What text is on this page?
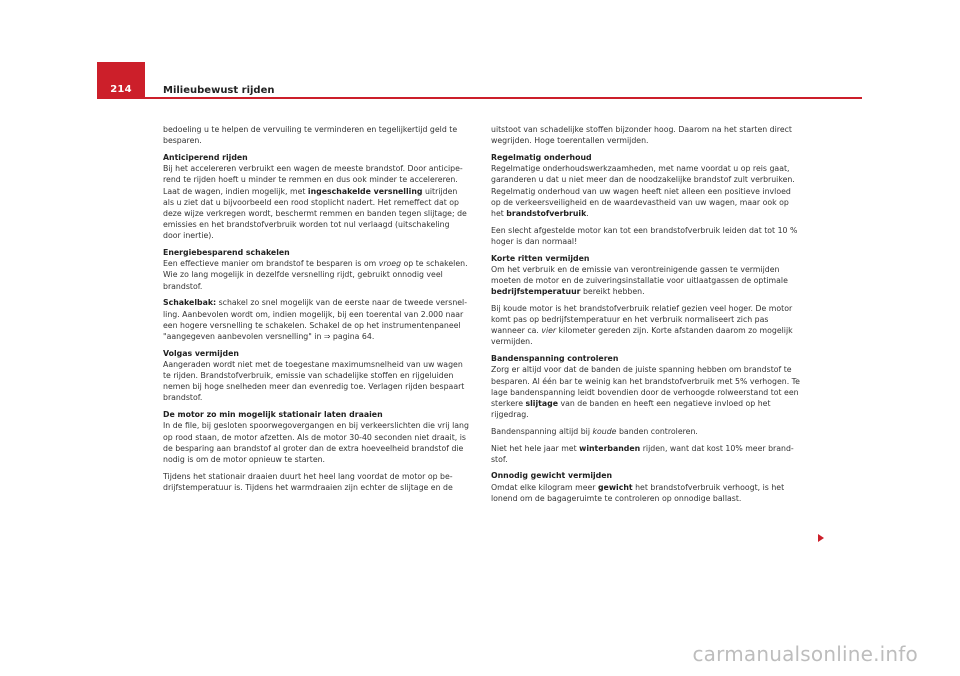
214	Milieubewust rijden

bedoeling u te helpen de vervuiling te verminderen en tegelijkertijd geld te besparen.

Anticiperend rijden

Bij het accelereren verbruikt een wagen de meeste brandstof. Door anticiperend te rijden hoeft u minder te remmen en dus ook minder te accelereren. Laat de wagen, indien mogelijk, met ingeschakelde versnelling uitrijden als u ziet dat u bijvoorbeeld een rood stoplicht nadert. Het remeffect dat op deze wijze verkregen wordt, beschermt remmen en banden tegen slijtage; de emissies en het brandstofverbruik worden tot nul verlaagd (uitschakeling door inertie).

Energiebesparend schakelen

Een effectieve manier om brandstof te besparen is om vroeg op te schakelen. Wie zo lang mogelijk in dezelfde versnelling rijdt, gebruikt onnodig veel brandstof.

Schakelbak: schakel zo snel mogelijk van de eerste naar de tweede versnelling. Aanbevolen wordt om, indien mogelijk, bij een toerental van 2.000 naar een hogere versnelling te schakelen. Schakel de op het instrumentenpaneel "aangegeven aanbevolen versnelling" in ⇒ pagina 64.

Volgas vermijden

Aangeraden wordt niet met de toegestane maximumsnelheid van uw wagen te rijden. Brandstofverbruik, emissie van schadelijke stoffen en rijgeluiden nemen bij hoge snelheden meer dan evenredig toe. Verlagen rijden bespaart brandstof.

De motor zo min mogelijk stationair laten draaien

In de file, bij gesloten spoorwegovergangen en bij verkeerslichten die vrij lang op rood staan, de motor afzetten. Als de motor 30-40 seconden niet draait, is de besparing aan brandstof al groter dan de extra hoeveelheid brandstof die nodig is om de motor opnieuw te starten.

Tijdens het stationair draaien duurt het heel lang voordat de motor op bedrijfstemperatuur is. Tijdens het warmdraaien zijn echter de slijtage en de

uitstoot van schadelijke stoffen bijzonder hoog. Daarom na het starten direct wegrijden. Hoge toerentallen vermijden.

Regelmatig onderhoud

Regelmatige onderhoudswerkzaamheden, met name voordat u op reis gaat, garanderen u dat u niet meer dan de noodzakelijke brandstof zult verbruiken. Regelmatig onderhoud van uw wagen heeft niet alleen een positieve invloed op de verkeersveiligheid en de waardevastheid van uw wagen, maar ook op het brandstofverbruik.

Een slecht afgestelde motor kan tot een brandstofverbruik leiden dat tot 10 % hoger is dan normaal!

Korte ritten vermijden

Om het verbruik en de emissie van verontreinigende gassen te vermijden moeten de motor en de zuiveringsinstallatie voor uitlaatgassen de optimale bedrijfstemperatuur bereikt hebben.

Bij koude motor is het brandstofverbruik relatief gezien veel hoger. De motor komt pas op bedrijfstemperatuur en het verbruik normaliseert zich pas wanneer ca. vier kilometer gereden zijn. Korte afstanden daarom zo mogelijk vermijden.

Bandenspanning controleren

Zorg er altijd voor dat de banden de juiste spanning hebben om brandstof te besparen. Al één bar te weinig kan het brandstofverbruik met 5% verhogen. Te lage bandenspanning leidt bovendien door de verhoogde rolweerstand tot een sterkere slijtage van de banden en heeft een negatieve invloed op het rijgedrag.

Bandenspanning altijd bij koude banden controleren.

Niet het hele jaar met winterbanden rijden, want dat kost 10% meer brandstof.

Onnodig gewicht vermijden

Omdat elke kilogram meer gewicht het brandstofverbruik verhoogt, is het lonend om de bagageruimte te controleren op onnodige ballast.

carmanualsonline.info
